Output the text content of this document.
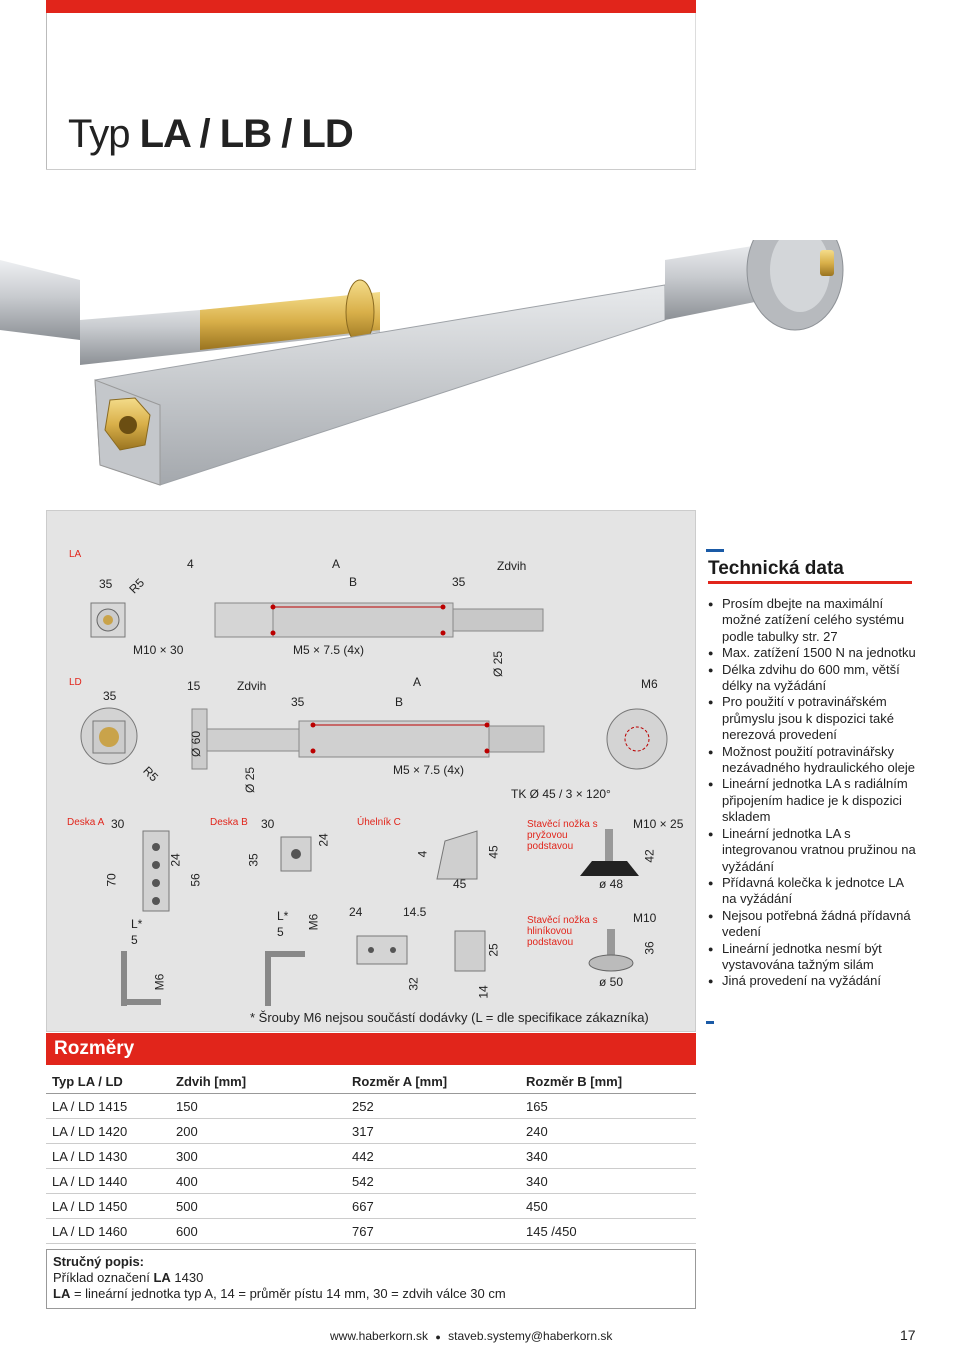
Typ LA / LB / LD
LA
LD
Deska A	Deska B	Úhelník C	Stavěcí nožka s pryžovou podstavou
Stavěcí nožka s hliníkovou podstavou
35 R5
4	A	Zdvih
B	35
M10 × 30	M5 × 7.5 (4x)
15	Zdvih	A	M6
35	35	B
Ø 60
R5	Ø 25	M5 × 7.5 (4x)
Ø 25
TK Ø 45 / 3 × 120°
30	30	M10 × 25
70
24
56
35
24
4	45
45	ø 48
42
L*
5
L*
5
M6
24	14.5	M10
25	36
M6	32
14
ø 50
* Šrouby M6 nejsou součástí dodávky (L = dle specifikace zákazníka)
Technická data
● Prosím dbejte na maximální možné zatížení celého systému podle tabulky str. 27
● Max. zatížení 1500 N na jednotku
● Délka zdvihu do 600 mm, větší délky na vyžádání
● Pro použití v potravinářském průmyslu jsou k dispozici také nerezová provedení
● Možnost použití potravinářsky nezávadného hydraulického oleje
● Lineární jednotka LA s radiálním připojením hadice je k dispozici skladem
● Lineární jednotka LA s integrovanou vratnou pružinou na vyžádání
● Přídavná kolečka k jednotce LA na vyžádání
● Nejsou potřebná žádná přídavná vedení
● Lineární jednotka nesmí být vystavována tažným silám
● Jiná provedení na vyžádání
Rozměry
Typ LA / LD	Zdvih [mm]	Rozměr A [mm]	Rozměr B [mm]
LA / LD 1415	150	252	165
LA / LD 1420	200	317	240
LA / LD 1430	300	442	340
LA / LD 1440	400	542	340
LA / LD 1450	500	667	450
LA / LD 1460	600	767	145 /450
Stručný popis:
Příklad označení LA 1430
LA = lineární jednotka typ A, 14 = průměr pístu 14 mm, 30 = zdvih válce 30 cm
www.haberkorn.sk ● staveb.systemy@haberkorn.sk	17
